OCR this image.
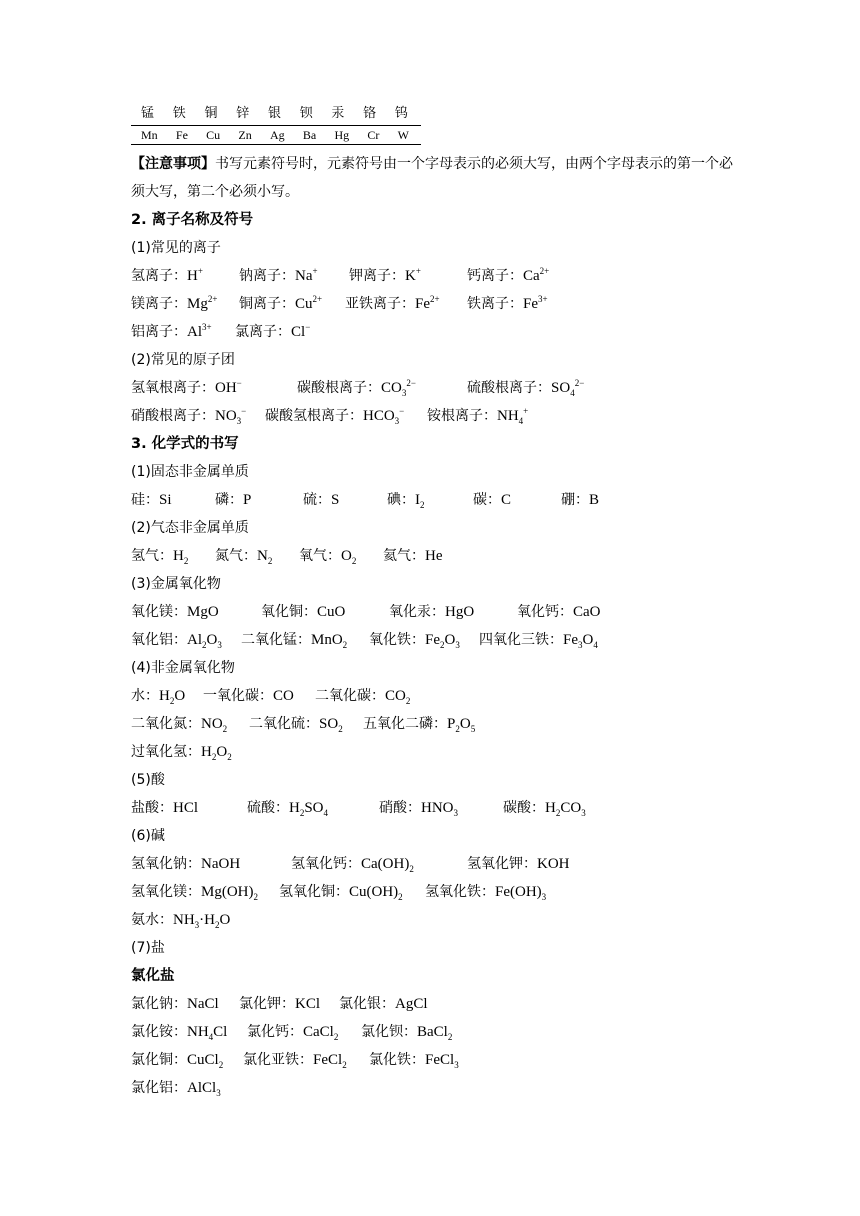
锰 铁 铜 锌 银 钡 汞 铬 钨
Mn Fe Cu Zn Ag Ba Hg Cr W
【注意事项】书写元素符号时，元素符号由一个字母表示的必须大写，由两个字母表示的第一个必须大写，第二个必须小写。
2. 离子名称及符号
(1)常见的离子
氢离子：H+	钠离子：Na+ 钾离子：K+	钙离子：$Ca^{2+}$
镁离子：$Mg^{2+}$ 铜离子：$Cu^{2+}$ 亚铁离子：$Fe^{2+}$ 铁离子：$Fe^{3+}$
铝离子：$Al^{3+}$ 氯离子：Cl−
(2)常见的原子团
氢氧根离子：OH−	碳酸根离子：$CO_3^{2-}$	硫酸根离子：$SO_4^{2-}$
硝酸根离子：$NO_3^-$ 碳酸氢根离子：$HCO_3^-$ 铵根离子：$NH_4^+$
3. 化学式的书写
(1)固态非金属单质
硅：Si	磷：P	硫：S	碘：$I_2$	碳：C	硼：B
(2)气态非金属单质
氢气：$H_2$ 氮气：$N_2$ 氧气：$O_2$ 氦气：He
(3)金属氧化物
氧化镁：MgO	氧化铜：CuO	氧化汞：HgO	氧化钙：CaO
氧化铝：$Al_2O_3$ 二氧化锰：MnO$_2$ 氧化铁：$Fe_2O_3$ 四氧化三铁：$Fe_3O_4$
(4)非金属氧化物
水：$H_2O$ 一氧化碳：CO 二氧化碳：$CO_2$
二氧化氮：$NO_2$ 二氧化硫：$SO_2$ 五氧化二磷：$P_2O_5$
过氧化氢：$H_2O_2$
(5)酸
盐酸：HCl	硫酸：$H_2SO_4$	硝酸：$HNO_3$	碳酸：$H_2CO_3$
(6)碱
氢氧化钠：NaOH	氢氧化钙：$Ca(OH)_2$	氢氧化钾：KOH
氢氧化镁：$Mg(OH)_2$ 氢氧化铜：$Cu(OH)_2$ 氢氧化铁：$Fe(OH)_3$
氨水：$NH_3\cdot H_2O$
(7)盐
氯化盐
氯化钠：NaCl 氯化钾：KCl 氯化银：AgCl
氯化铵：$NH_4Cl$ 氯化钙：CaCl$_2$ 氯化钡：BaCl$_2$
氯化铜：CuCl$_2$ 氯化亚铁：FeCl$_2$ 氯化铁：FeCl$_3$
氯化铝：AlCl$_3$
